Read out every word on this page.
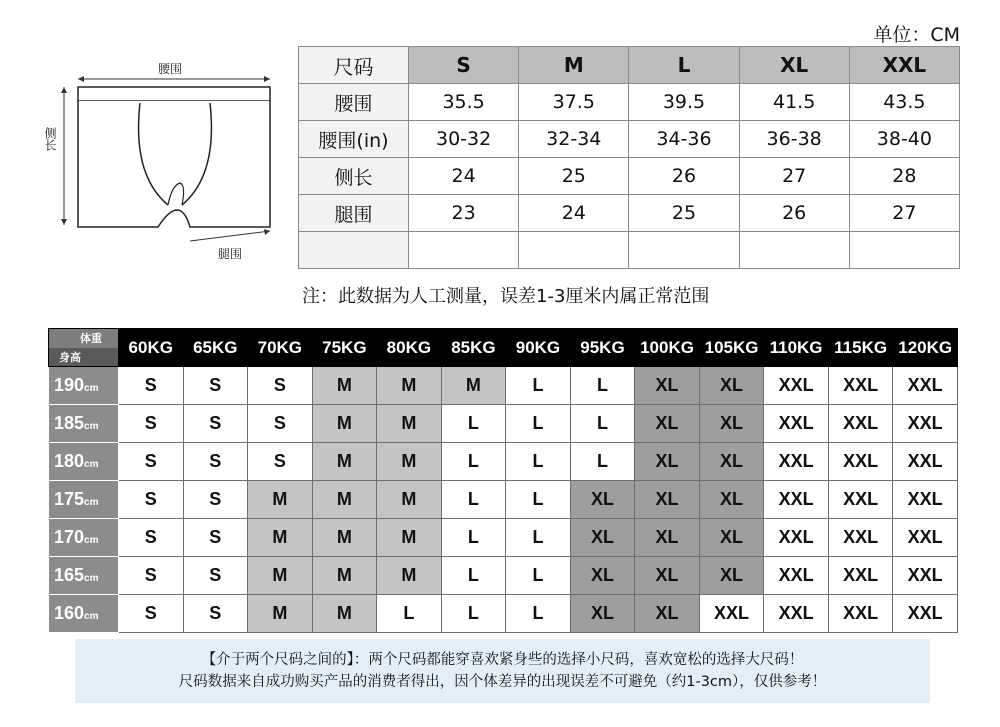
单位：CM
腰围
侧长
腿围
尺码	S	M	L	XL	XXL
腰围	35.5	37.5	39.5	41.5	43.5
腰围(in)	30-32	32-34	34-36	36-38	38-40
侧长	24	25	26	27	28
腿围	23	24	25	26	27

注：此数据为人工测量，误差1-3厘米内属正常范围
体重
身高	60KG	65KG	70KG	75KG	80KG	85KG	90KG	95KG	100KG	105KG	110KG	115KG	120KG
190cm	S	S	S	M	M	M	L	L	XL	XL	XXL	XXL	XXL
185cm	S	S	S	M	M	L	L	L	XL	XL	XXL	XXL	XXL
180cm	S	S	S	M	M	L	L	L	XL	XL	XXL	XXL	XXL
175cm	S	S	M	M	M	L	L	XL	XL	XL	XXL	XXL	XXL
170cm	S	S	M	M	M	L	L	XL	XL	XL	XXL	XXL	XXL
165cm	S	S	M	M	M	L	L	XL	XL	XL	XXL	XXL	XXL
160cm	S	S	M	M	L	L	L	XL	XL	XXL	XXL	XXL	XXL
【介于两个尺码之间的】：两个尺码都能穿喜欢紧身些的选择小尺码，喜欢宽松的选择大尺码！
尺码数据来自成功购买产品的消费者得出，因个体差异的出现误差不可避免（约1-3cm），仅供参考！
